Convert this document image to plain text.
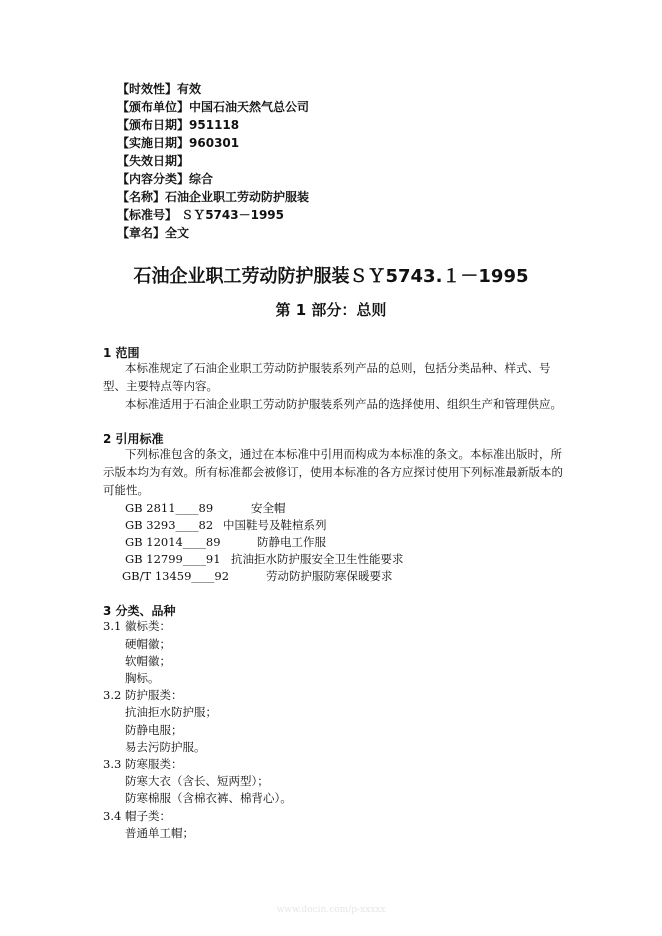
【时效性】有效
【颁布单位】中国石油天然气总公司
【颁布日期】951118
【实施日期】960301
【失效日期】
【内容分类】综合
【名称】石油企业职工劳动防护服装
【标准号】 ＳＹ5743－1995
【章名】全文
石油企业职工劳动防护服装ＳＹ5743.１－1995
第 1 部分：总则
1 范围
本标准规定了石油企业职工劳动防护服装系列产品的总则，包括分类品种、样式、号型、主要特点等内容。
本标准适用于石油企业职工劳动防护服装系列产品的选择使用、组织生产和管理供应。
2 引用标准
下列标准包含的条文，通过在本标准中引用而构成为本标准的条文。本标准出版时，所示版本均为有效。所有标准都会被修订，使用本标准的各方应探讨使用下列标准最新版本的可能性。
GB 2811____89	安全帽
GB 3293____82 中国鞋号及鞋楦系列
GB 12014____89	防静电工作服
GB 12799____91 抗油拒水防护服安全卫生性能要求
GB/T 13459____92	劳动防护服防寒保暖要求
3 分类、品种
3.1 徽标类：
硬帽徽；
软帽徽；
胸标。
3.2 防护服类：
抗油拒水防护服；
防静电服；
易去污防护服。
3.3 防寒服类：
防寒大衣（含长、短两型）；
防寒棉服（含棉衣裤、棉背心）。
3.4 帽子类：
普通单工帽；
www.docin.com/p-xxxxx
